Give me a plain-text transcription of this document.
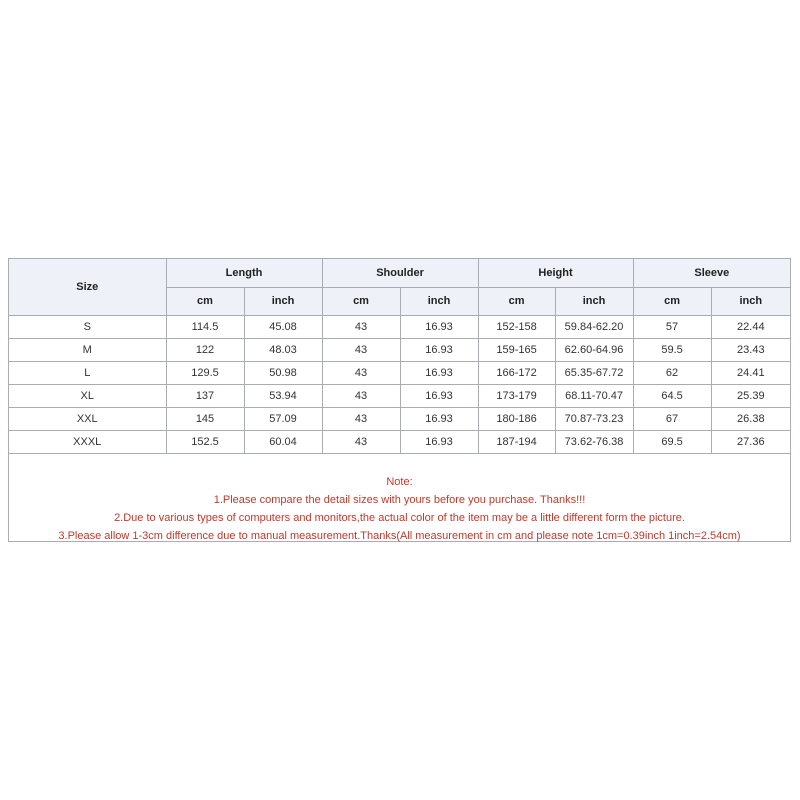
Size	Length		Shoulder		Height		Sleeve	
	cm	inch	cm	inch	cm	inch	cm	inch
S	114.5	45.08	43	16.93	152-158	59.84-62.20	57	22.44
M	122	48.03	43	16.93	159-165	62.60-64.96	59.5	23.43
L	129.5	50.98	43	16.93	166-172	65.35-67.72	62	24.41
XL	137	53.94	43	16.93	173-179	68.11-70.47	64.5	25.39
XXL	145	57.09	43	16.93	180-186	70.87-73.23	67	26.38
XXXL	152.5	60.04	43	16.93	187-194	73.62-76.38	69.5	27.36
Note:
1.Please compare the detail sizes with yours before you purchase. Thanks!!!
2.Due to various types of computers and monitors,the actual color of the item may be a little different form the picture.
3.Please allow 1-3cm difference due to manual measurement.Thanks(All measurement in cm and please note 1cm=0.39inch 1inch=2.54cm)
